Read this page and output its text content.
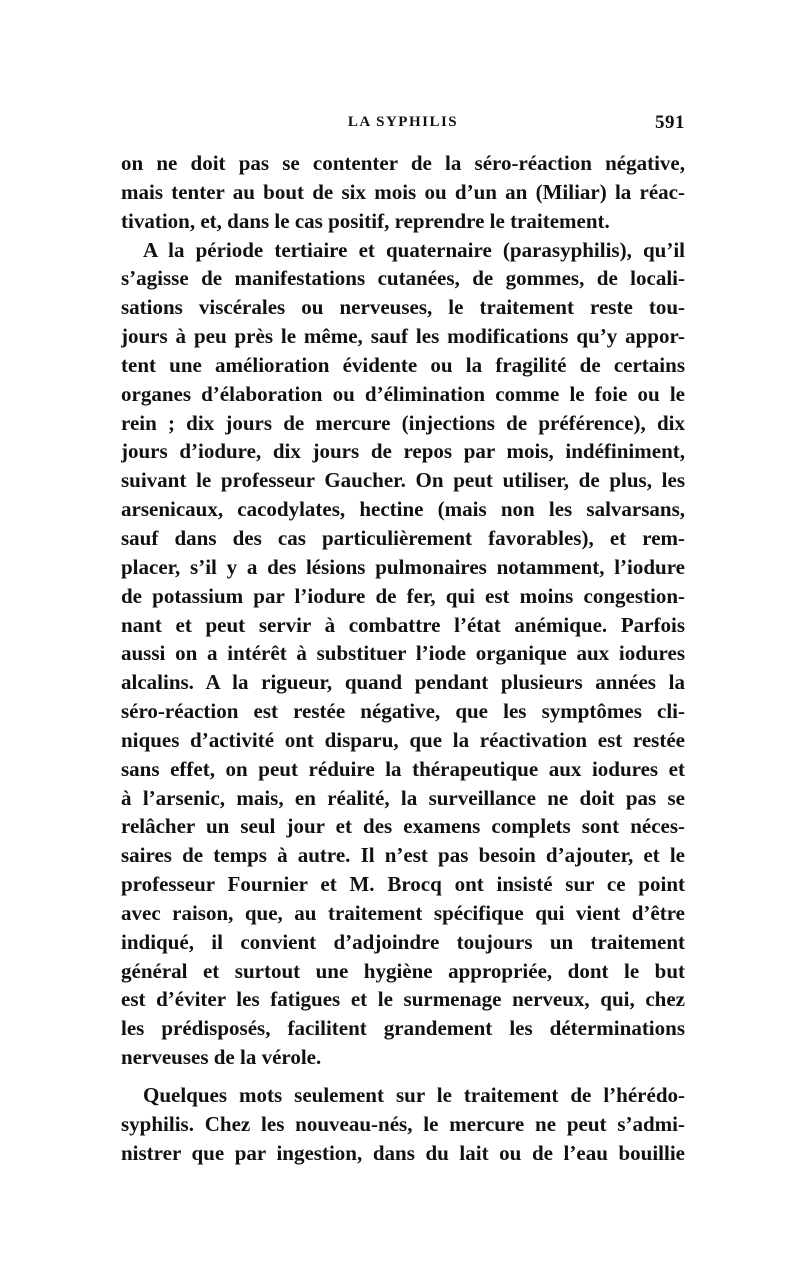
LA SYPHILIS	591
on ne doit pas se contenter de la séro-réaction négative,
mais tenter au bout de six mois ou d’un an (Miliar) la réac-
tivation, et, dans le cas positif, reprendre le traitement.
A la période tertiaire et quaternaire (parasyphilis), qu’il
s’agisse de manifestations cutanées, de gommes, de locali-
sations viscérales ou nerveuses, le traitement reste tou-
jours à peu près le même, sauf les modifications qu’y appor-
tent une amélioration évidente ou la fragilité de certains
organes d’élaboration ou d’élimination comme le foie ou le
rein ; dix jours de mercure (injections de préférence), dix
jours d’iodure, dix jours de repos par mois, indéfiniment,
suivant le professeur Gaucher. On peut utiliser, de plus, les
arsenicaux, cacodylates, hectine (mais non les salvarsans,
sauf dans des cas particulièrement favorables), et rem-
placer, s’il y a des lésions pulmonaires notamment, l’iodure
de potassium par l’iodure de fer, qui est moins congestion-
nant et peut servir à combattre l’état anémique. Parfois
aussi on a intérêt à substituer l’iode organique aux iodures
alcalins. A la rigueur, quand pendant plusieurs années la
séro-réaction est restée négative, que les symptômes cli-
niques d’activité ont disparu, que la réactivation est restée
sans effet, on peut réduire la thérapeutique aux iodures et
à l’arsenic, mais, en réalité, la surveillance ne doit pas se
relâcher un seul jour et des examens complets sont néces-
saires de temps à autre. Il n’est pas besoin d’ajouter, et le
professeur Fournier et M. Brocq ont insisté sur ce point
avec raison, que, au traitement spécifique qui vient d’être
indiqué, il convient d’adjoindre toujours un traitement
général et surtout une hygiène appropriée, dont le but
est d’éviter les fatigues et le surmenage nerveux, qui, chez
les prédisposés, facilitent grandement les déterminations
nerveuses de la vérole.
Quelques mots seulement sur le traitement de l’hérédo-
syphilis. Chez les nouveau-nés, le mercure ne peut s’admi-
nistrer que par ingestion, dans du lait ou de l’eau bouillie
